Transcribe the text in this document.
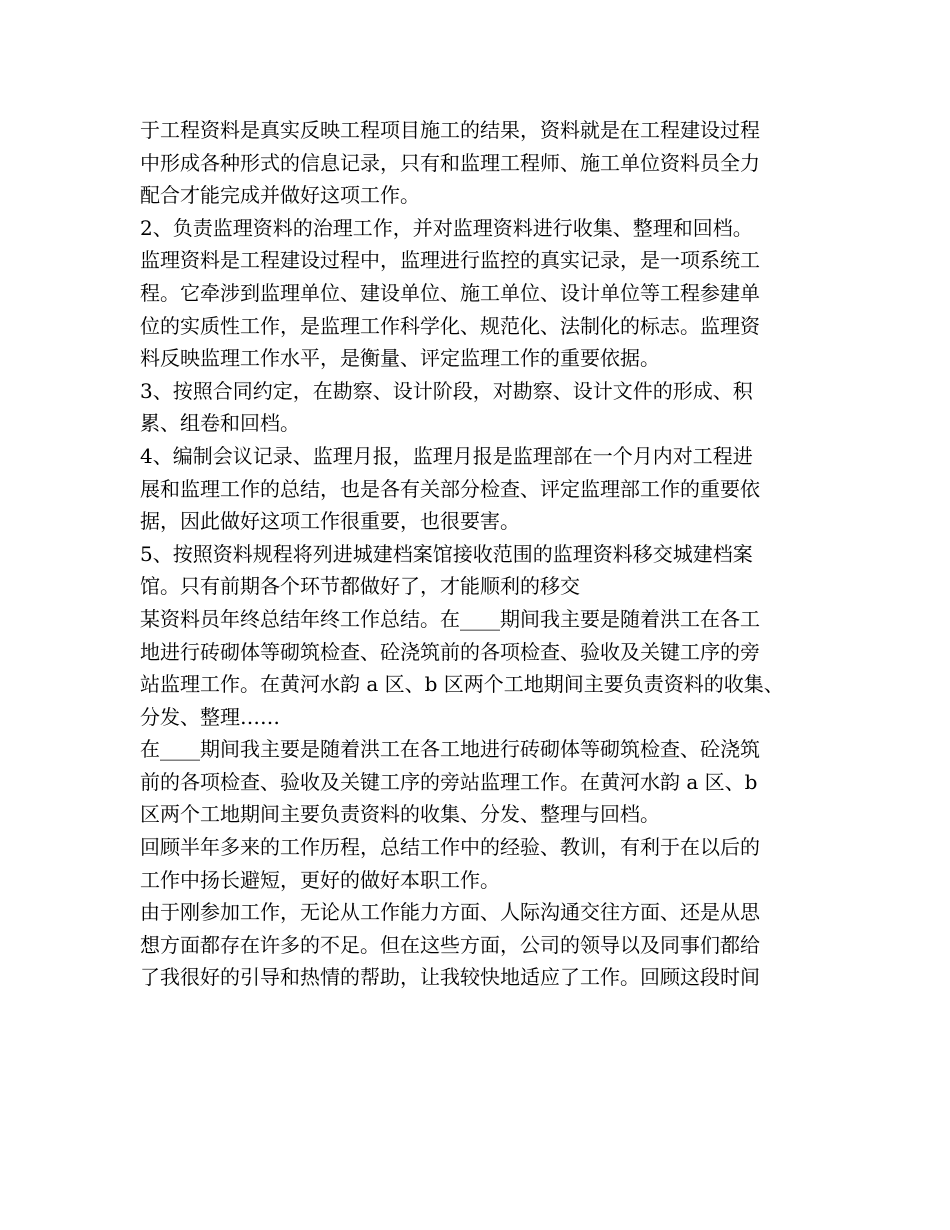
于工程资料是真实反映工程项目施工的结果，资料就是在工程建设过程
中形成各种形式的信息记录，只有和监理工程师、施工单位资料员全力
配合才能完成并做好这项工作。
2、负责监理资料的治理工作，并对监理资料进行收集、整理和回档。
监理资料是工程建设过程中，监理进行监控的真实记录，是一项系统工
程。它牵涉到监理单位、建设单位、施工单位、设计单位等工程参建单
位的实质性工作，是监理工作科学化、规范化、法制化的标志。监理资
料反映监理工作水平，是衡量、评定监理工作的重要依据。
3、按照合同约定，在勘察、设计阶段，对勘察、设计文件的形成、积
累、组卷和回档。
4、编制会议记录、监理月报，监理月报是监理部在一个月内对工程进
展和监理工作的总结，也是各有关部分检查、评定监理部工作的重要依
据，因此做好这项工作很重要，也很要害。
5、按照资料规程将列进城建档案馆接收范围的监理资料移交城建档案
馆。只有前期各个环节都做好了，才能顺利的移交
某资料员年终总结年终工作总结。在____期间我主要是随着洪工在各工
地进行砖砌体等砌筑检查、砼浇筑前的各项检查、验收及关键工序的旁
站监理工作。在黄河水韵 a 区、b 区两个工地期间主要负责资料的收集、
分发、整理……
在____期间我主要是随着洪工在各工地进行砖砌体等砌筑检查、砼浇筑
前的各项检查、验收及关键工序的旁站监理工作。在黄河水韵 a 区、b
区两个工地期间主要负责资料的收集、分发、整理与回档。
回顾半年多来的工作历程，总结工作中的经验、教训，有利于在以后的
工作中扬长避短，更好的做好本职工作。
由于刚参加工作，无论从工作能力方面、人际沟通交往方面、还是从思
想方面都存在许多的不足。但在这些方面，公司的领导以及同事们都给
了我很好的引导和热情的帮助，让我较快地适应了工作。回顾这段时间
